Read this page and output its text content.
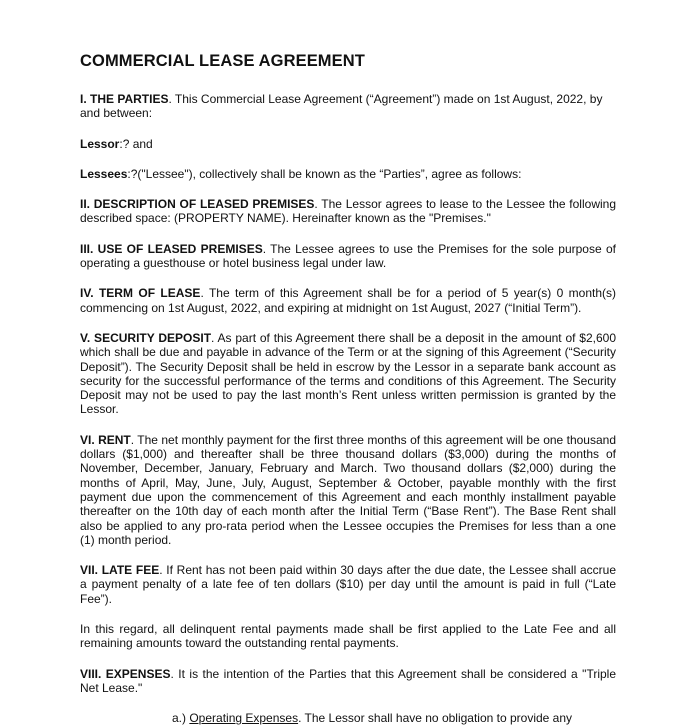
COMMERCIAL LEASE AGREEMENT

I. THE PARTIES. This Commercial Lease Agreement (“Agreement”) made on 1st August, 2022, by and between:

Lessor:? and

Lessees:?("Lessee"), collectively shall be known as the “Parties”, agree as follows:

II. DESCRIPTION OF LEASED PREMISES. The Lessor agrees to lease to the Lessee the following described space: (PROPERTY NAME). Hereinafter known as the "Premises."

III. USE OF LEASED PREMISES. The Lessee agrees to use the Premises for the sole purpose of operating a guesthouse or hotel business legal under law.

IV. TERM OF LEASE. The term of this Agreement shall be for a period of 5 year(s) 0 month(s) commencing on 1st August, 2022, and expiring at midnight on 1st August, 2027 (“Initial Term”).

V. SECURITY DEPOSIT. As part of this Agreement there shall be a deposit in the amount of $2,600 which shall be due and payable in advance of the Term or at the signing of this Agreement (“Security Deposit”). The Security Deposit shall be held in escrow by the Lessor in a separate bank account as security for the successful performance of the terms and conditions of this Agreement. The Security Deposit may not be used to pay the last month’s Rent unless written permission is granted by the Lessor.

VI. RENT. The net monthly payment for the first three months of this agreement will be one thousand dollars ($1,000) and thereafter shall be three thousand dollars ($3,000) during the months of November, December, January, February and March. Two thousand dollars ($2,000) during the months of April, May, June, July, August, September & October, payable monthly with the first payment due upon the commencement of this Agreement and each monthly installment payable thereafter on the 10th day of each month after the Initial Term (“Base Rent”). The Base Rent shall also be applied to any pro-rata period when the Lessee occupies the Premises for less than a one (1) month period.

VII. LATE FEE. If Rent has not been paid within 30 days after the due date, the Lessee shall accrue a payment penalty of a late fee of ten dollars ($10) per day until the amount is paid in full (“Late Fee”).

In this regard, all delinquent rental payments made shall be first applied to the Late Fee and all remaining amounts toward the outstanding rental payments.

VIII. EXPENSES. It is the intention of the Parties that this Agreement shall be considered a "Triple Net Lease."

a.) Operating Expenses. The Lessor shall have no obligation to provide any
